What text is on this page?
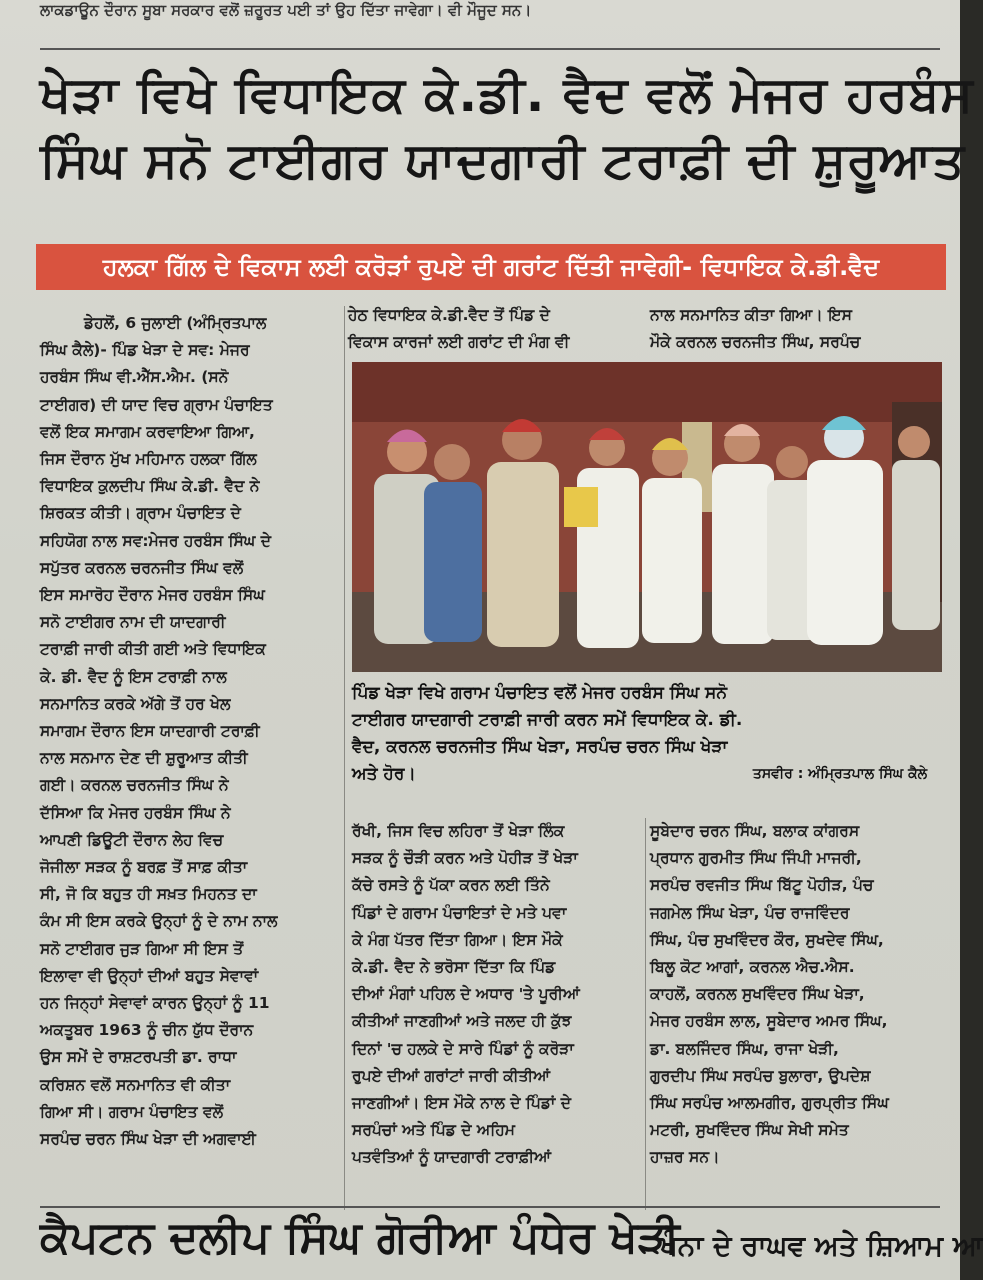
ਲਾਕਡਾਊਨ ਦੌਰਾਨ ਸੂਬਾ ਸਰਕਾਰ ਵਲੋਂ ਜ਼ਰੂਰਤ ਪਈ ਤਾਂ ਉਹ ਦਿੱਤਾ ਜਾਵੇਗਾ। ਵੀ ਮੌਜੂਦ ਸਨ।
ਖੇੜਾ ਵਿਖੇ ਵਿਧਾਇਕ ਕੇ.ਡੀ. ਵੈਦ ਵਲੋਂ ਮੇਜਰ ਹਰਬੰਸ
ਸਿੰਘ ਸਨੋ ਟਾਈਗਰ ਯਾਦਗਾਰੀ ਟਰਾਫ਼ੀ ਦੀ ਸ਼ੁਰੂਆਤ
ਹਲਕਾ ਗਿੱਲ ਦੇ ਵਿਕਾਸ ਲਈ ਕਰੋੜਾਂ ਰੁਪਏ ਦੀ ਗਰਾਂਟ ਦਿੱਤੀ ਜਾਵੇਗੀ- ਵਿਧਾਇਕ ਕੇ.ਡੀ.ਵੈਦ
ਡੇਹਲੋਂ, 6 ਜੁਲਾਈ (ਅੰਮ੍ਰਿਤਪਾਲ
ਸਿੰਘ ਕੈਲੇ)- ਪਿੰਡ ਖੇੜਾ ਦੇ ਸਵ: ਮੇਜਰ
ਹਰਬੰਸ ਸਿੰਘ ਵੀ.ਐੱਸ.ਐਮ. (ਸਨੋ
ਟਾਈਗਰ) ਦੀ ਯਾਦ ਵਿਚ ਗ੍ਰਾਮ ਪੰਚਾਇਤ
ਵਲੋਂ ਇਕ ਸਮਾਗਮ ਕਰਵਾਇਆ ਗਿਆ,
ਜਿਸ ਦੌਰਾਨ ਮੁੱਖ ਮਹਿਮਾਨ ਹਲਕਾ ਗਿੱਲ
ਵਿਧਾਇਕ ਕੁਲਦੀਪ ਸਿੰਘ ਕੇ.ਡੀ. ਵੈਦ ਨੇ
ਸ਼ਿਰਕਤ ਕੀਤੀ। ਗ੍ਰਾਮ ਪੰਚਾਇਤ ਦੇ
ਸਹਿਯੋਗ ਨਾਲ ਸਵ:ਮੇਜਰ ਹਰਬੰਸ ਸਿੰਘ ਦੇ
ਸਪੁੱਤਰ ਕਰਨਲ ਚਰਨਜੀਤ ਸਿੰਘ ਵਲੋਂ
ਇਸ ਸਮਾਰੋਹ ਦੌਰਾਨ ਮੇਜਰ ਹਰਬੰਸ ਸਿੰਘ
ਸਨੋ ਟਾਈਗਰ ਨਾਮ ਦੀ ਯਾਦਗਾਰੀ
ਟਰਾਫ਼ੀ ਜਾਰੀ ਕੀਤੀ ਗਈ ਅਤੇ ਵਿਧਾਇਕ
ਕੇ. ਡੀ. ਵੈਦ ਨੂੰ ਇਸ ਟਰਾਫ਼ੀ ਨਾਲ
ਸਨਮਾਨਿਤ ਕਰਕੇ ਅੱਗੇ ਤੋਂ ਹਰ ਖੇਲ
ਸਮਾਗਮ ਦੌਰਾਨ ਇਸ ਯਾਦਗਾਰੀ ਟਰਾਫ਼ੀ
ਨਾਲ ਸਨਮਾਨ ਦੇਣ ਦੀ ਸ਼ੁਰੂਆਤ ਕੀਤੀ
ਗਈ। ਕਰਨਲ ਚਰਨਜੀਤ ਸਿੰਘ ਨੇ
ਦੱਸਿਆ ਕਿ ਮੇਜਰ ਹਰਬੰਸ ਸਿੰਘ ਨੇ
ਆਪਣੀ ਡਿਊਟੀ ਦੌਰਾਨ ਲੇਹ ਵਿਚ
ਜੋਜੀਲਾ ਸੜਕ ਨੂੰ ਬਰਫ਼ ਤੋਂ ਸਾਫ਼ ਕੀਤਾ
ਸੀ, ਜੋ ਕਿ ਬਹੁਤ ਹੀ ਸਖ਼ਤ ਮਿਹਨਤ ਦਾ
ਕੰਮ ਸੀ ਇਸ ਕਰਕੇ ਉਨ੍ਹਾਂ ਨੂੰ ਦੇ ਨਾਮ ਨਾਲ
ਸਨੋ ਟਾਈਗਰ ਜੁੜ ਗਿਆ ਸੀ ਇਸ ਤੋਂ
ਇਲਾਵਾ ਵੀ ਉਨ੍ਹਾਂ ਦੀਆਂ ਬਹੁਤ ਸੇਵਾਵਾਂ
ਹਨ ਜਿਨ੍ਹਾਂ ਸੇਵਾਵਾਂ ਕਾਰਨ ਉਨ੍ਹਾਂ ਨੂੰ 11
ਅਕਤੂਬਰ 1963 ਨੂੰ ਚੀਨ ਯੁੱਧ ਦੌਰਾਨ
ਉਸ ਸਮੇਂ ਦੇ ਰਾਸ਼ਟਰਪਤੀ ਡਾ. ਰਾਧਾ
ਕਰਿਸ਼ਨ ਵਲੋਂ ਸਨਮਾਨਿਤ ਵੀ ਕੀਤਾ
ਗਿਆ ਸੀ। ਗਰਾਮ ਪੰਚਾਇਤ ਵਲੋਂ
ਸਰਪੰਚ ਚਰਨ ਸਿੰਘ ਖੇੜਾ ਦੀ ਅਗਵਾਈ
ਹੇਠ ਵਿਧਾਇਕ ਕੇ.ਡੀ.ਵੈਦ ਤੋਂ ਪਿੰਡ ਦੇ
ਵਿਕਾਸ ਕਾਰਜਾਂ ਲਈ ਗਰਾਂਟ ਦੀ ਮੰਗ ਵੀ
ਨਾਲ ਸਨਮਾਨਿਤ ਕੀਤਾ ਗਿਆ। ਇਸ
ਮੌਕੇ ਕਰਨਲ ਚਰਨਜੀਤ ਸਿੰਘ, ਸਰਪੰਚ
ਪਿੰਡ ਖੇੜਾ ਵਿਖੇ ਗਰਾਮ ਪੰਚਾਇਤ ਵਲੋਂ ਮੇਜਰ ਹਰਬੰਸ ਸਿੰਘ ਸਨੋ
ਟਾਈਗਰ ਯਾਦਗਾਰੀ ਟਰਾਫ਼ੀ ਜਾਰੀ ਕਰਨ ਸਮੇਂ ਵਿਧਾਇਕ ਕੇ. ਡੀ.
ਵੈਦ, ਕਰਨਲ ਚਰਨਜੀਤ ਸਿੰਘ ਖੇੜਾ, ਸਰਪੰਚ ਚਰਨ ਸਿੰਘ ਖੇੜਾ
ਅਤੇ ਹੋਰ।	ਤਸਵੀਰ : ਅੰਮ੍ਰਿਤਪਾਲ ਸਿੰਘ ਕੈਲੇ
ਰੱਖੀ, ਜਿਸ ਵਿਚ ਲਹਿਰਾ ਤੋਂ ਖੇੜਾ ਲਿੰਕ
ਸੜਕ ਨੂੰ ਚੌੜੀ ਕਰਨ ਅਤੇ ਪੋਹੀੜ ਤੋਂ ਖੇੜਾ
ਕੱਚੇ ਰਸਤੇ ਨੂੰ ਪੱਕਾ ਕਰਨ ਲਈ ਤਿੰਨੇ
ਪਿੰਡਾਂ ਦੇ ਗਰਾਮ ਪੰਚਾਇਤਾਂ ਦੇ ਮਤੇ ਪਵਾ
ਕੇ ਮੰਗ ਪੱਤਰ ਦਿੱਤਾ ਗਿਆ। ਇਸ ਮੌਕੇ
ਕੇ.ਡੀ. ਵੈਦ ਨੇ ਭਰੋਸਾ ਦਿੱਤਾ ਕਿ ਪਿੰਡ
ਦੀਆਂ ਮੰਗਾਂ ਪਹਿਲ ਦੇ ਅਧਾਰ 'ਤੇ ਪੂਰੀਆਂ
ਕੀਤੀਆਂ ਜਾਣਗੀਆਂ ਅਤੇ ਜਲਦ ਹੀ ਕੁੱਝ
ਦਿਨਾਂ 'ਚ ਹਲਕੇ ਦੇ ਸਾਰੇ ਪਿੰਡਾਂ ਨੂੰ ਕਰੋੜਾ
ਰੁਪਏ ਦੀਆਂ ਗਰਾਂਟਾਂ ਜਾਰੀ ਕੀਤੀਆਂ
ਜਾਣਗੀਆਂ। ਇਸ ਮੌਕੇ ਨਾਲ ਦੇ ਪਿੰਡਾਂ ਦੇ
ਸਰਪੰਚਾਂ ਅਤੇ ਪਿੰਡ ਦੇ ਅਹਿਮ
ਪਤਵੰਤਿਆਂ ਨੂੰ ਯਾਦਗਾਰੀ ਟਰਾਫ਼ੀਆਂ
ਸੂਬੇਦਾਰ ਚਰਨ ਸਿੰਘ, ਬਲਾਕ ਕਾਂਗਰਸ
ਪ੍ਰਧਾਨ ਗੁਰਮੀਤ ਸਿੰਘ ਜਿੰਪੀ ਮਾਜਰੀ,
ਸਰਪੰਚ ਰਵਜੀਤ ਸਿੰਘ ਬਿੱਟੂ ਪੋਹੀੜ, ਪੰਚ
ਜਗਮੇਲ ਸਿੰਘ ਖੇੜਾ, ਪੰਚ ਰਾਜਵਿੰਦਰ
ਸਿੰਘ, ਪੰਚ ਸੁਖਵਿੰਦਰ ਕੌਰ, ਸੁਖਦੇਵ ਸਿੰਘ,
ਬਿਲੂ ਕੋਟ ਆਗਾਂ, ਕਰਨਲ ਐਚ.ਐਸ.
ਕਾਹਲੋਂ, ਕਰਨਲ ਸੁਖਵਿੰਦਰ ਸਿੰਘ ਖੇੜਾ,
ਮੇਜਰ ਹਰਬੰਸ ਲਾਲ, ਸੂਬੇਦਾਰ ਅਮਰ ਸਿੰਘ,
ਡਾ. ਬਲਜਿੰਦਰ ਸਿੰਘ, ਰਾਜਾ ਖੇੜੀ,
ਗੁਰਦੀਪ ਸਿੰਘ ਸਰਪੰਚ ਬੁਲਾਰਾ, ਉਪਦੇਸ਼
ਸਿੰਘ ਸਰਪੰਚ ਆਲਮਗੀਰ, ਗੁਰਪ੍ਰੀਤ ਸਿੰਘ
ਮਟਰੀ, ਸੁਖਵਿੰਦਰ ਸਿੰਘ ਸੇਖੀ ਸਮੇਤ
ਹਾਜ਼ਰ ਸਨ।
ਕੈਪਟਨ ਦਲੀਪ ਸਿੰਘ ਗੋਰੀਆ ਪੰਧੇਰ ਖੇੜੀ
ਖੰਨਾ ਦੇ ਰਾਘਵ ਅਤੇ ਸ਼ਿਆਮ ਆ
